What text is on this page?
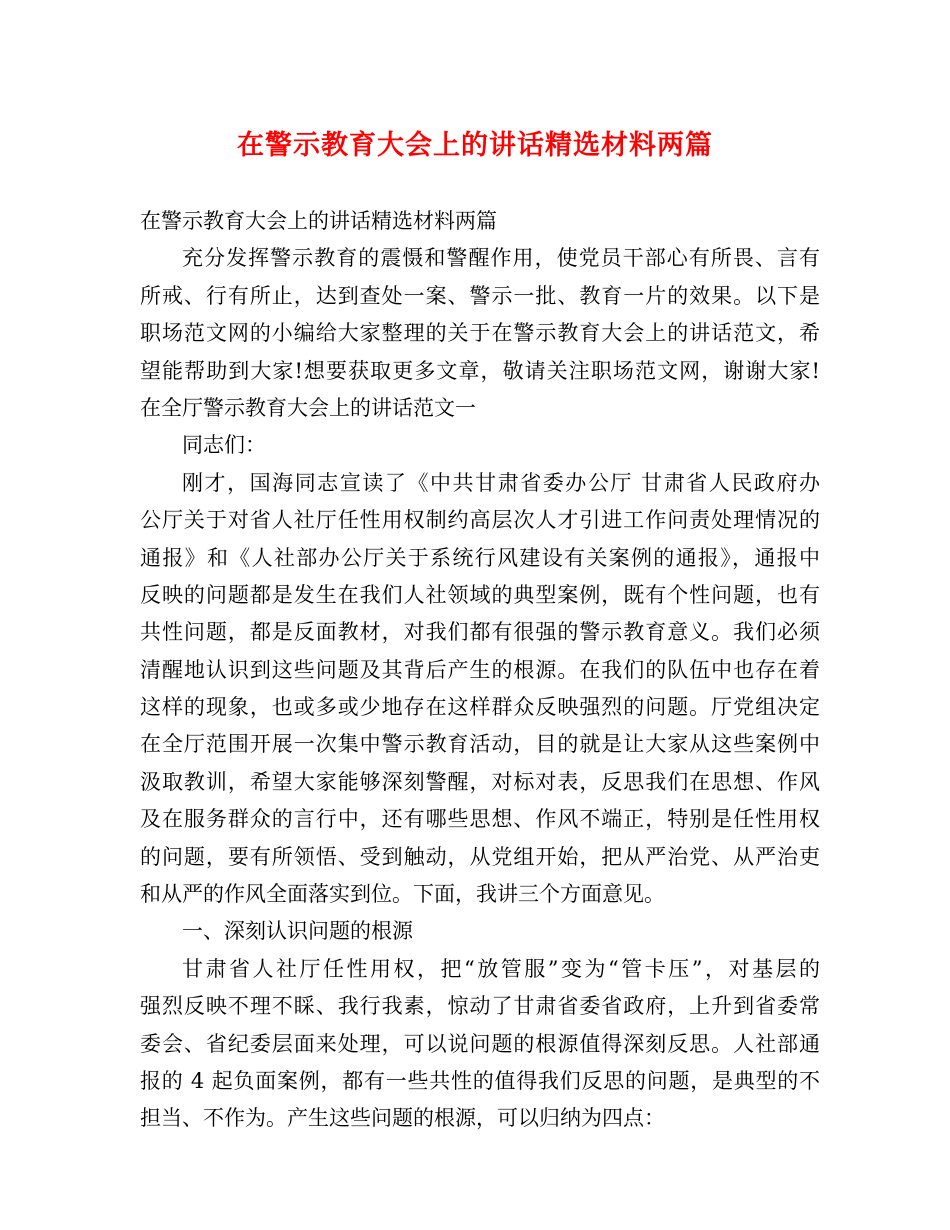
在警示教育大会上的讲话精选材料两篇
在警示教育大会上的讲话精选材料两篇
充分发挥警示教育的震慑和警醒作用，使党员干部心有所畏、言有
所戒、行有所止，达到查处一案、警示一批、教育一片的效果。以下是
职场范文网的小编给大家整理的关于在警示教育大会上的讲话范文，希
望能帮助到大家!想要获取更多文章，敬请关注职场范文网，谢谢大家!
在全厅警示教育大会上的讲话范文一
同志们：
刚才，国海同志宣读了《中共甘肃省委办公厅 甘肃省人民政府办
公厅关于对省人社厅任性用权制约高层次人才引进工作问责处理情况的
通报》和《人社部办公厅关于系统行风建设有关案例的通报》，通报中
反映的问题都是发生在我们人社领域的典型案例，既有个性问题，也有
共性问题，都是反面教材，对我们都有很强的警示教育意义。我们必须
清醒地认识到这些问题及其背后产生的根源。在我们的队伍中也存在着
这样的现象，也或多或少地存在这样群众反映强烈的问题。厅党组决定
在全厅范围开展一次集中警示教育活动，目的就是让大家从这些案例中
汲取教训，希望大家能够深刻警醒，对标对表，反思我们在思想、作风
及在服务群众的言行中，还有哪些思想、作风不端正，特别是任性用权
的问题，要有所领悟、受到触动，从党组开始，把从严治党、从严治吏
和从严的作风全面落实到位。下面，我讲三个方面意见。
一、深刻认识问题的根源
甘肃省人社厅任性用权，把“放管服”变为“管卡压”，对基层的
强烈反映不理不睬、我行我素，惊动了甘肃省委省政府，上升到省委常
委会、省纪委层面来处理，可以说问题的根源值得深刻反思。人社部通
报的 4 起负面案例，都有一些共性的值得我们反思的问题，是典型的不
担当、不作为。产生这些问题的根源，可以归纳为四点：
